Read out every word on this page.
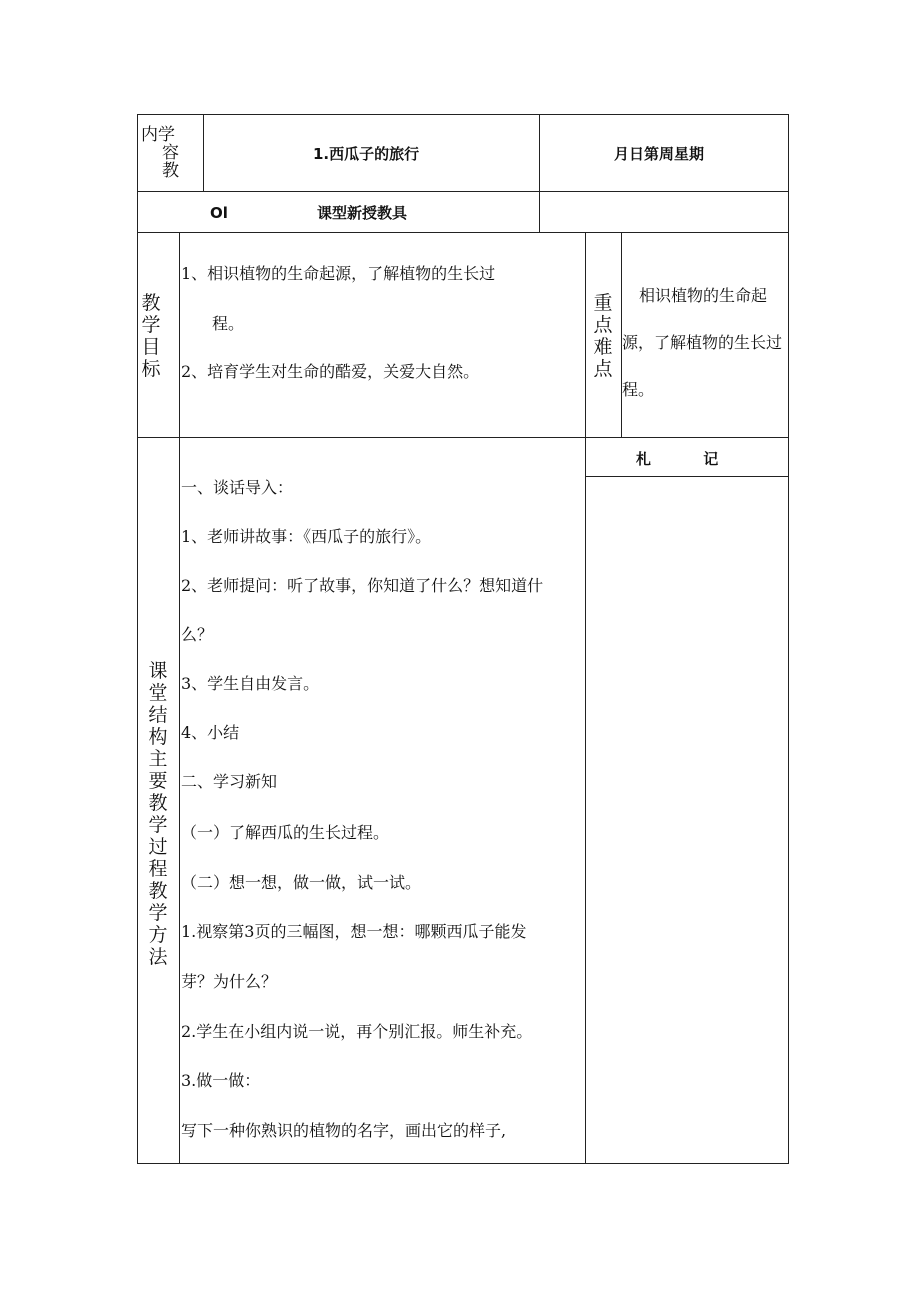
内学
容
教
1.西瓜子的旅行	月日第周星期
Ol	课型新授教具
教学目标
1、相识植物的生命起源，了解植物的生长过
程。
2、培育学生对生命的酷爱，关爱大自然。
重点难点
相识植物的生命起
源，了解植物的生长过
程。
课堂结构主要教学过程教学方法
札          记
一、谈话导入：
1、老师讲故事：《西瓜子的旅行》。
2、老师提问：听了故事，你知道了什么？想知道什
么？
3、学生自由发言。
4、小结
二、学习新知
（一）了解西瓜的生长过程。
（二）想一想，做一做，试一试。
1.视察第3页的三幅图，想一想：哪颗西瓜子能发
芽？为什么？
2.学生在小组内说一说，再个别汇报。师生补充。
3.做一做：
写下一种你熟识的植物的名字，画出它的样子,
